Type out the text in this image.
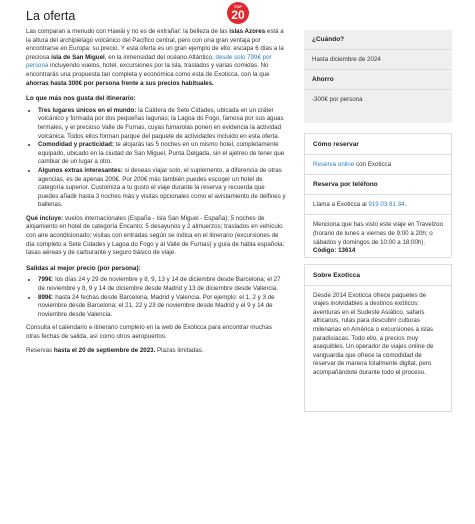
TOP
20
La oferta

Las comparan a menudo con Hawái y no es de extrañar: la belleza de las islas Azores está a la altura del archipiélago volcánico del Pacífico central, pero con una gran ventaja por encontrarse en Europa: su precio. Y esta oferta es un gran ejemplo de ello: escapa 6 días a la preciosa isla de San Miguel, en la inmensidad del océano Atlántico, desde solo 799€ por persona incluyendo vuelos, hotel, excursiones por la isla, traslados y varias comidas. No encontrarás una propuesta tan completa y económica como esta de Exoticca, con la que ahorras hasta 300€ por persona frente a sus precios habituales.

Lo que más nos gusta del itinerario:
• Tres lugares únicos en el mundo: la Caldera de Sete Cidades, ubicada en un cráter volcánico y formada por dos pequeñas lagunas; la Lagoa do Fogo, famosa por sus aguas termales, y el precioso Valle de Furnas, cuyas fumarolas ponen en evidencia la actividad volcánica. Todos ellos forman parque del paquete de actividades incluido en esta oferta.
• Comodidad y practicidad: te alojarás las 5 noches en un mismo hotel, completamente equipado, ubicado en la ciudad de San Miguel, Punta Delgada, sin el ajetreo de tener que cambiar de un lugar a otro.
• Algunos extras interesantes: si deseas viajar solo, el suplemento, a diferencia de otras agencias, es de apenas 200€. Por 200€ más también puedes escoger un hotel de categoría superior. Customiza a tu gusto el viaje durante la reserva y recuerda que puedes añadir hasta 3 noches más y visitas opcionales como el avistamiento de delfines y ballenas.

Qué incluye: vuelos internacionales (España - Isla San Miguel - España); 5 noches de alojamiento en hotel de categoría Encanto; 5 desayunos y 2 almuerzos; traslados en vehículo con aire acondicionado; visitas con entradas según se indica en el itinerario (excursiones de día completo a Sete Cidades y Lagoa do Fogo y al Valle de Furnas) y guía de habla española; tasas aéreas y de carburante y seguro básico de viaje.

Salidas al mejor precio (por persona):
• 799€: los días 24 y 29 de noviembre y 8, 9, 13 y 14 de diciembre desde Barcelona; el 27 de noviembre y 8, 9 y 14 de diciembre desde Madrid y 13 de diciembre desde Valencia.
• 899€: hasta 24 fechas desde Barcelona, Madrid y Valencia. Por ejemplo: el 1, 2 y 3 de noviembre desde Barcelona; el 21, 22 y 23 de noviembre desde Madrid y el 9 y 14 de noviembre desde Valencia.

Consulta el calendario e itinerario completo en la web de Exoticca para encontrar muchas otras fechas de salida, así como otros aeropuertos.

Reservas hasta el 20 de septiembre de 2023. Plazas limitadas.

¿Cuándo?

Hasta diciembre de 2024

Ahorro

-300€ por persona

Cómo reservar

Reserva online con Exoticca

Reserva por teléfono

Llama a Exoticca al 919 03 81 34.

Menciona que has visto este viaje en Travelzoo (horario de lunes a viernes de 9:00 a 20h; o sábados y domingos de 10:00 a 18:00h). Código: 13614

Sobre Exoticca

Desde 2014 Exoticca ofrece paquetes de viajes inolvidables a destinos exóticos: aventuras en el Sudeste Asiático, safaris africanos, rutas para descubrir culturas milenarias en América o excursiones a islas paradisíacas. Todo ello, a precios muy asequibles. Un operador de viajes online de vanguardia que ofrece la comodidad de reservar de manera totalmente digital, pero acompañándote durante todo el proceso.
